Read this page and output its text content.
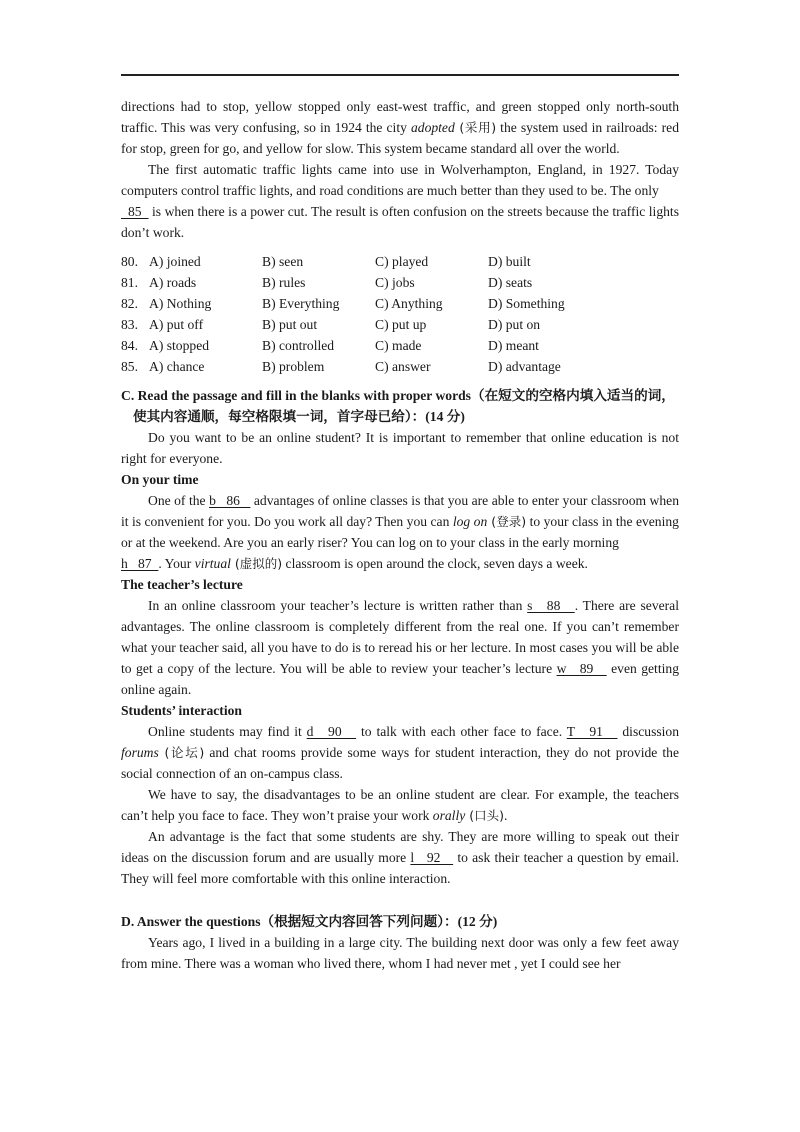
directions had to stop, yellow stopped only east-west traffic, and green stopped only north-south traffic. This was very confusing, so in 1924 the city adopted (采用) the system used in railroads: red for stop, green for go, and yellow for slow. This system became standard all over the world.

The first automatic traffic lights came into use in Wolverhampton, England, in 1927. Today computers control traffic lights, and road conditions are much better than they used to be. The only

85   is when there is a power cut. The result is often confusion on the streets because the traffic lights don’t work.

80. A) joined	B) seen	C) played	D) built
81. A) roads	B) rules	C) jobs	D) seats
82. A) Nothing	B) Everything	C) Anything	D) Something
83. A) put off	B) put out	C) put up	D) put on
84. A) stopped	B) controlled	C) made	D) meant
85. A) chance	B) problem	C) answer	D) advantage
C. Read the passage and fill in the blanks with proper words（在短文的空格内填入适当的词，
使其内容通顺，每空格限填一词，首字母已给）：(14 分)

Do you want to be an online student? It is important to remember that online education is not right for everyone.

On your time

One of the b   86    advantages of online classes is that you are able to enter your classroom when it is convenient for you. Do you work all day? Then you can log on (登录) to your class in the evening or at the weekend. Are you an early riser? You can log on to your class in the early morning

h   87  . Your virtual (虚拟的) classroom is open around the clock, seven days a week.

The teacher’s lecture

In an online classroom your teacher’s lecture is written rather than s   88   . There are several advantages. The online classroom is completely different from the real one. If you can’t remember what your teacher said, all you have to do is to reread his or her lecture. In most cases you will be able to get a copy of the lecture. You will be able to review your teacher’s lecture w   89    even getting online again.

Students’ interaction

Online students may find it d   90    to talk with each other face to face. T   91    discussion forums (论坛) and chat rooms provide some ways for student interaction, they do not provide the social connection of an on-campus class.

We have to say, the disadvantages to be an online student are clear. For example, the teachers can’t help you face to face. They won’t praise your work orally (口头).

An advantage is the fact that some students are shy. They are more willing to speak out their ideas on the discussion forum and are usually more l   92    to ask their teacher a question by email. They will feel more comfortable with this online interaction.

D. Answer the questions（根据短文内容回答下列问题）：(12 分)

Years ago, I lived in a building in a large city. The building next door was only a few feet away from mine. There was a woman who lived there, whom I had never met , yet I could see her
